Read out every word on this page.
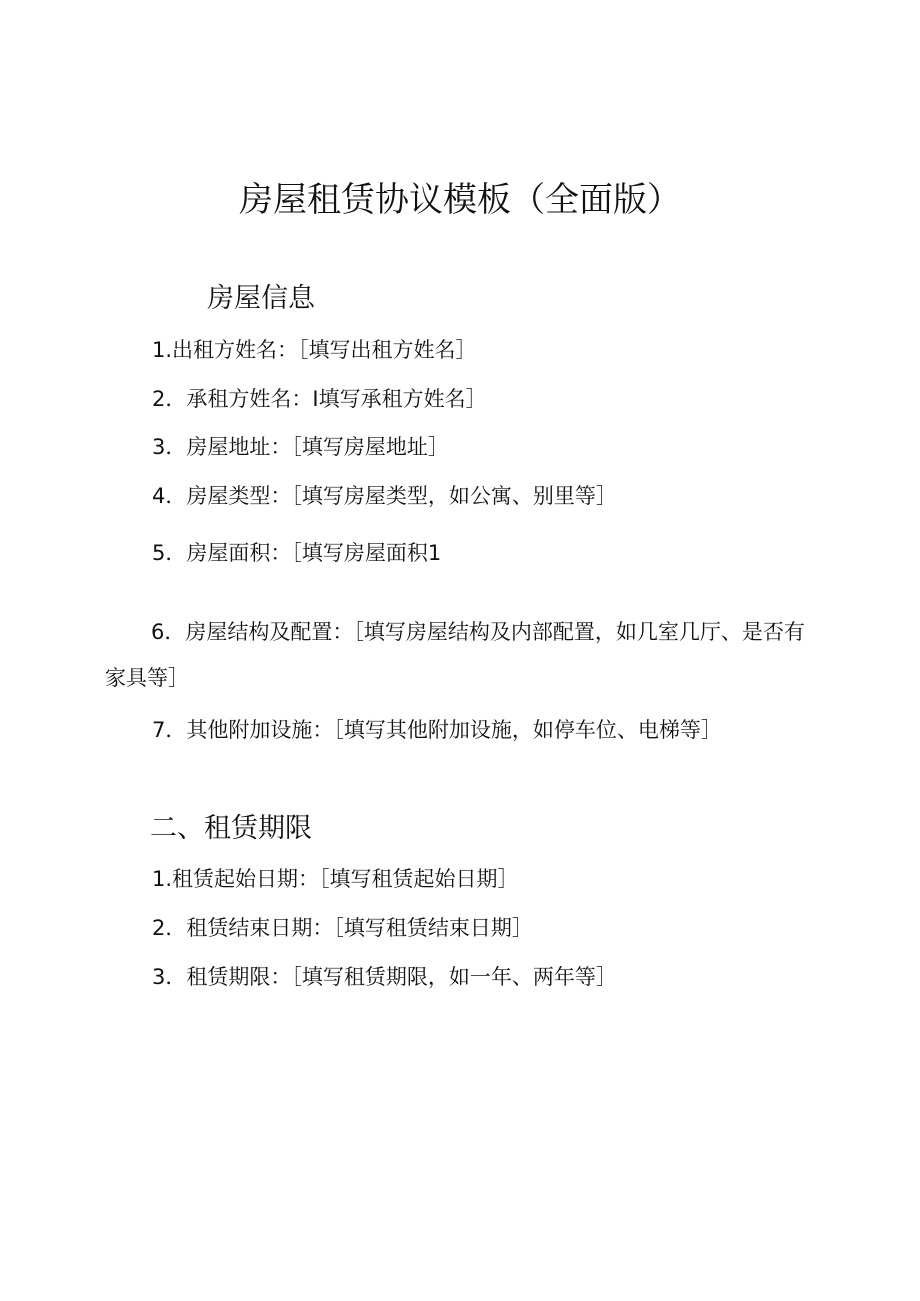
房屋租赁协议模板（全面版）
房屋信息

1.出租方姓名：［填写出租方姓名］

2．承租方姓名：I填写承租方姓名］

3．房屋地址：［填写房屋地址］

4．房屋类型：［填写房屋类型，如公寓、别里等］

5．房屋面积：［填写房屋面积1

6．房屋结构及配置：［填写房屋结构及内部配置，如几室几厅、是否有家具等］

7．其他附加设施：［填写其他附加设施，如停车位、电梯等］

二、租赁期限

1.租赁起始日期：［填写租赁起始日期］

2．租赁结束日期：［填写租赁结束日期］

3．租赁期限：［填写租赁期限，如一年、两年等］
